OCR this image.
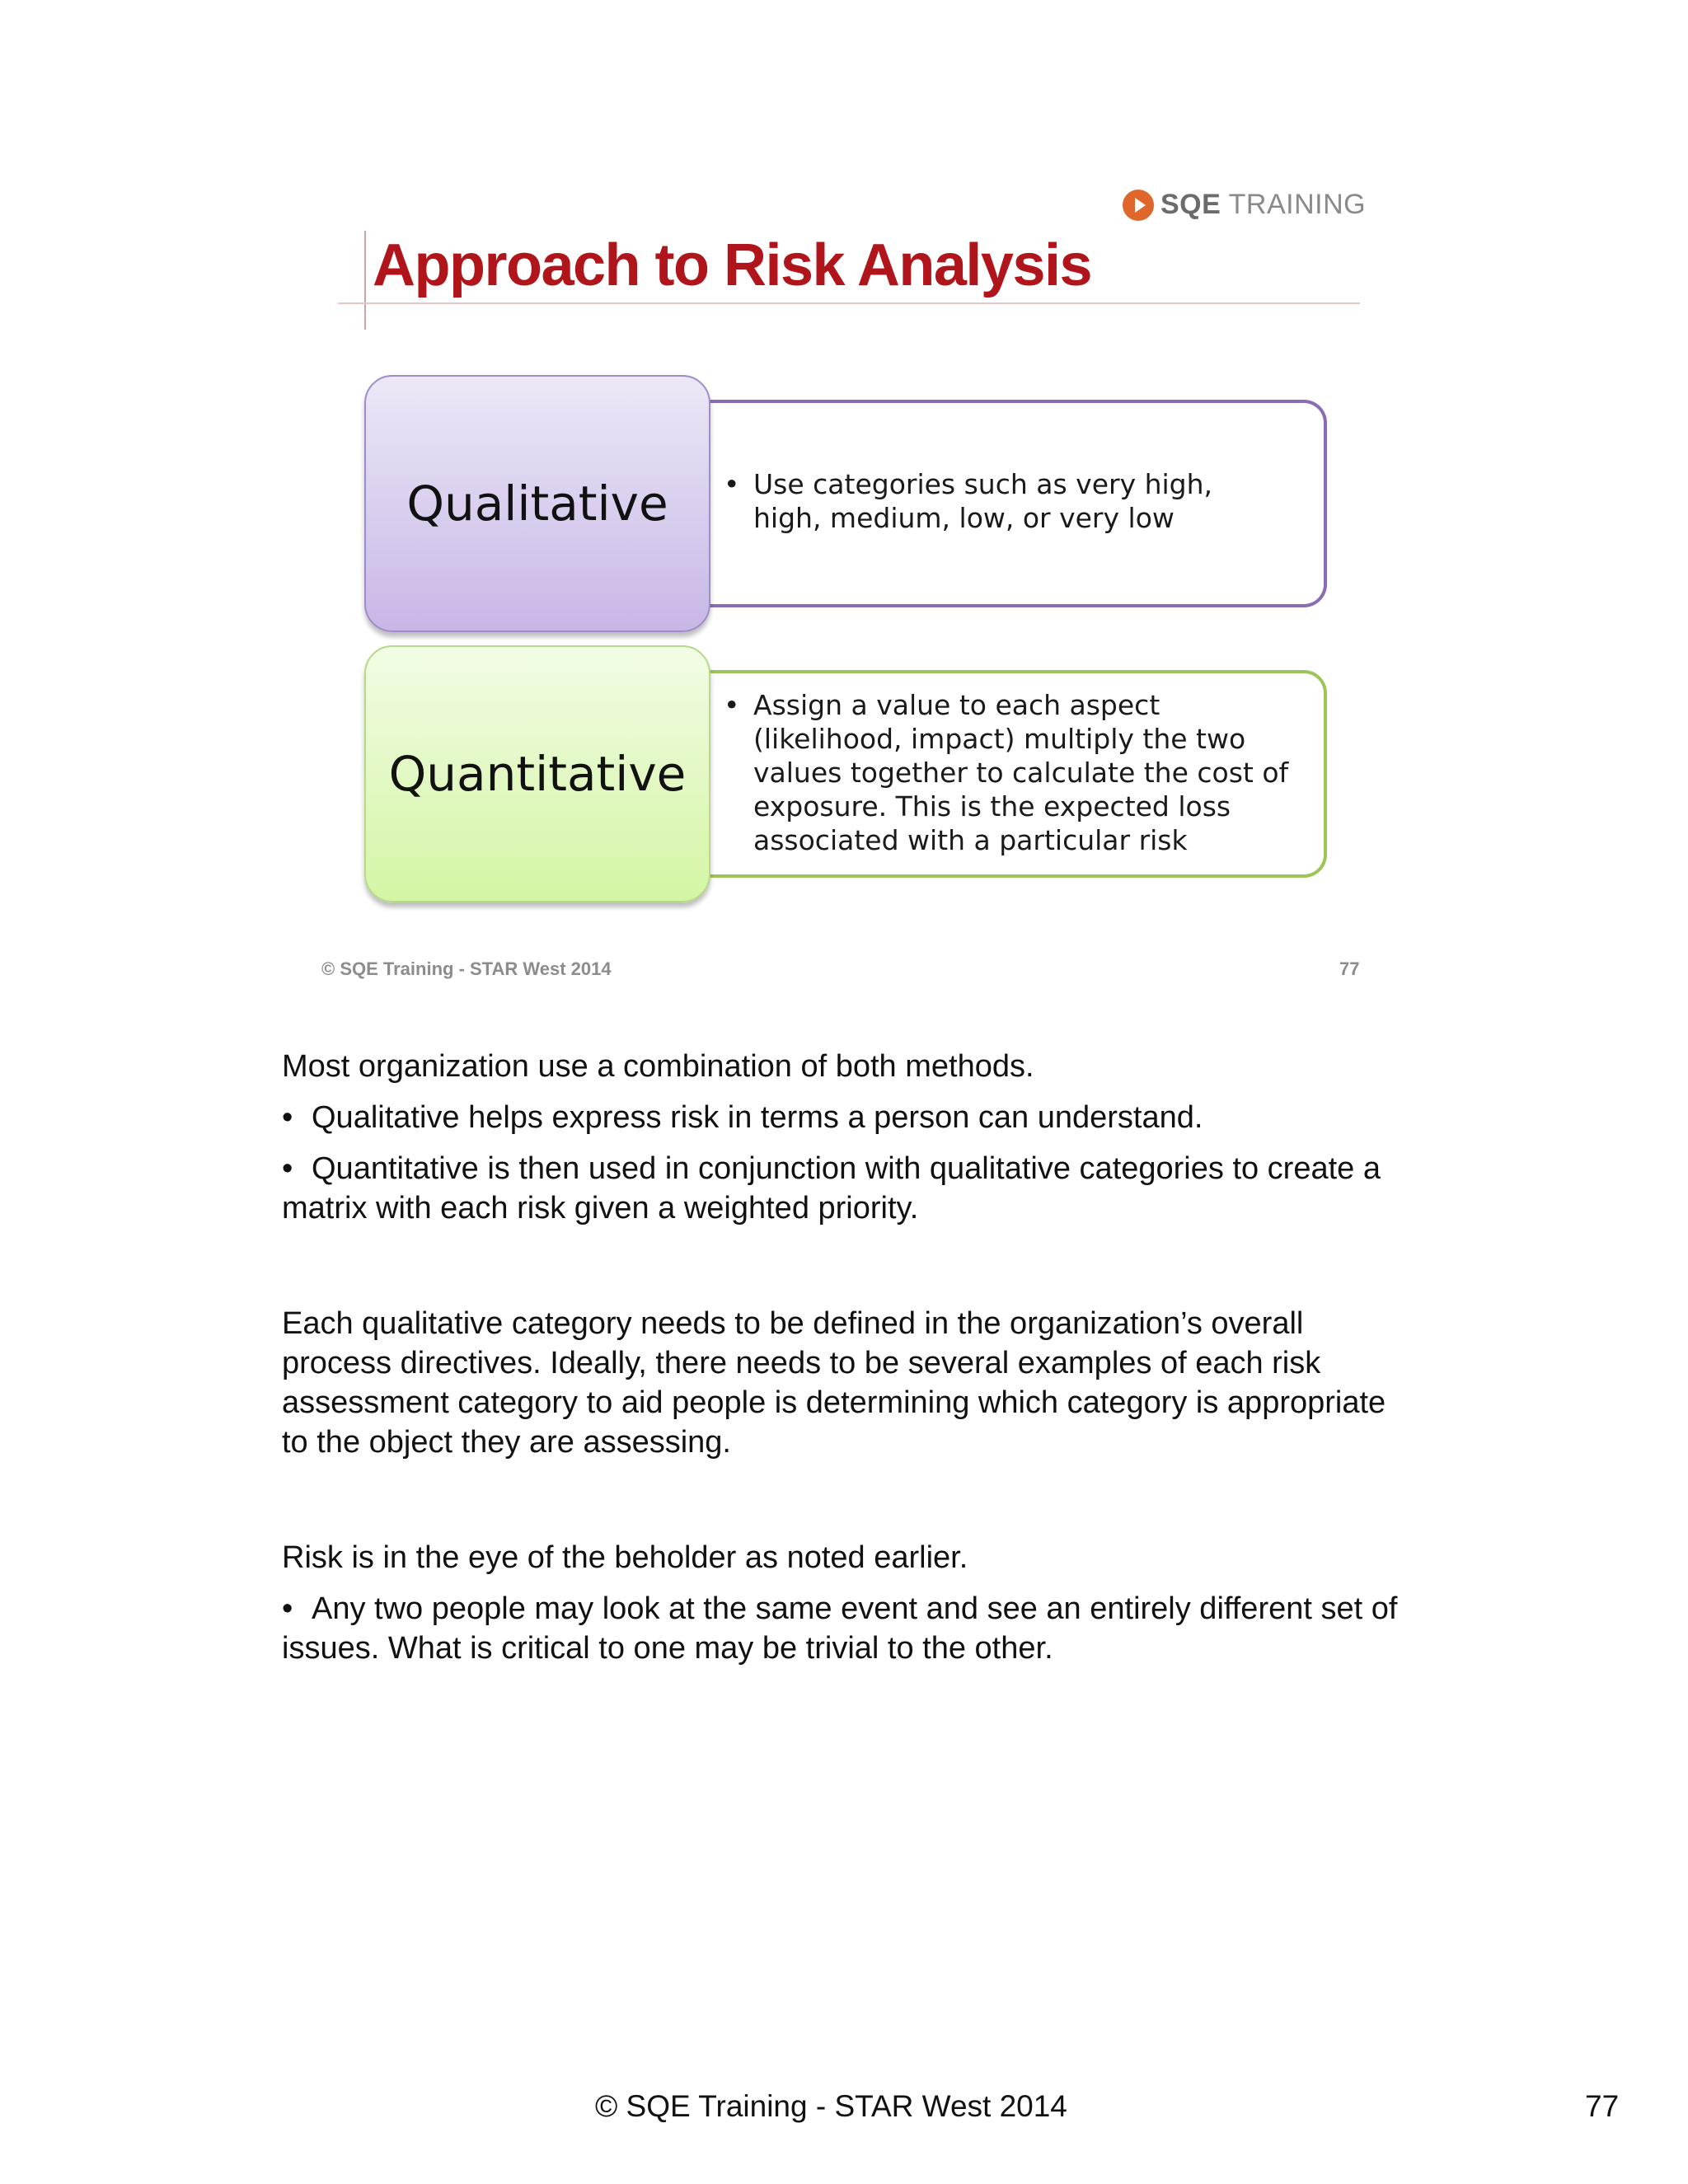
SQE TRAINING
Approach to Risk Analysis
Qualitative • Use categories such as very high, high, medium, low, or very low
Quantitative
• Assign a value to each aspect (likelihood, impact) multiply the two values together to calculate the cost of exposure. This is the expected loss associated with a particular risk
© SQE Training - STAR West 2014	77

Most organization use a combination of both methods.

• Qualitative helps express risk in terms a person can understand.

• Quantitative is then used in conjunction with qualitative categories to create a matrix with each risk given a weighted priority.

Each qualitative category needs to be defined in the organization’s overall process directives. Ideally, there needs to be several examples of each risk assessment category to aid people is determining which category is appropriate to the object they are assessing.

Risk is in the eye of the beholder as noted earlier.

• Any two people may look at the same event and see an entirely different set of issues. What is critical to one may be trivial to the other.

© SQE Training - STAR West 2014	77
